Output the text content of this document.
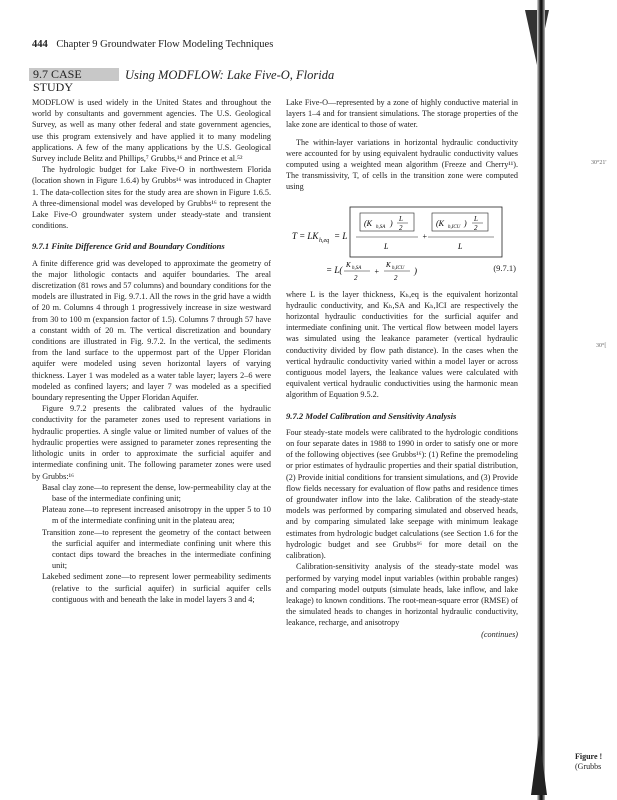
444 Chapter 9 Groundwater Flow Modeling Techniques
9.7 CASE STUDY
Using MODFLOW: Lake Five-O, Florida

MODFLOW is used widely in the United States and throughout the world by consultants and government agencies. The U.S. Geological Survey, as well as many other federal and state government agencies, use this program extensively and have applied it to many modeling applications. A few of the many applications by the U.S. Geological Survey include Belitz and Phillips,⁷ Grubbs,¹⁶ and Prince et al.⁵²

The hydrologic budget for Lake Five-O in northwestern Florida (location shown in Figure 1.6.4) by Grubbs¹⁶ was introduced in Chapter 1. The data-collection sites for the study area are shown in Figure 1.6.5. A three-dimensional model was developed by Grubbs¹⁶ to represent the Lake Five-O groundwater system under steady-state and transient conditions.

9.7.1 Finite Difference Grid and Boundary Conditions

A finite difference grid was developed to approximate the geometry of the major lithologic contacts and aquifer boundaries. The areal discretization (81 rows and 57 columns) and boundary conditions for the models are illustrated in Fig. 9.7.1. All the rows in the grid have a width of 20 m. Columns 4 through 1 progressively increase in size westward from 30 to 100 m (expansion factor of 1.5). Columns 7 through 57 have a constant width of 20 m. The vertical discretization and boundary conditions are illustrated in Fig. 9.7.2. In the vertical, the sediments from the land surface to the uppermost part of the Upper Floridan aquifer were modeled using seven horizontal layers of varying thickness. Layer 1 was modeled as a water table layer; layers 2–6 were modeled as confined layers; and layer 7 was modeled as a specified boundary representing the Upper Floridan Aquifer.

Figure 9.7.2 presents the calibrated values of the hydraulic conductivity for the parameter zones used to represent variations in hydraulic properties. A single value or limited number of values of the hydraulic properties were assigned to parameter zones representing the lithologic units in order to approximate the surficial aquifer and intermediate confining unit. The following parameter zones were used by Grubbs:¹⁶

Basal clay zone—to represent the dense, low-permeability clay at the base of the intermediate confining unit;

Plateau zone—to represent increased anisotropy in the upper 5 to 10 m of the intermediate confining unit in the plateau area;

Transition zone—to represent the geometry of the contact between the surficial aquifer and intermediate confining unit where this contact dips toward the breaches in the intermediate confining unit;

Lakebed sediment zone—to represent lower permeability sediments (relative to the surficial aquifer) in surficial aquifer cells contiguous with and beneath the lake in model layers 3 and 4;

Lake Five-O—represented by a zone of highly conductive material in layers 1–4 and for transient simulations. The storage properties of the lake zone are identical to those of water.

The within-layer variations in horizontal hydraulic conductivity were accounted for by using equivalent hydraulic conductivity values computed using a weighted mean algorithm (Freeze and Cherry¹¹). The transmissivity, T, of cells in the transition zone were computed using

T = LK h,eq = L
(K h,SA ) L
2
L
+
(K h,ICU ) L
2
L
= L( K h,SA
2
+
K h,ICU
2
)	(9.7.1)

where L is the layer thickness, Kₕ,eq is the equivalent horizontal hydraulic conductivity, and Kₕ,SA and Kₕ,ICI are respectively the horizontal hydraulic conductivities for the surficial aquifer and intermediate confining unit. The vertical flow between model layers was simulated using the leakance parameter (vertical hydraulic conductivity divided by flow path distance). In the cases when the vertical hydraulic conductivity varied within a model layer or across contiguous model layers, the leakance values were calculated with equivalent vertical hydraulic conductivities using the harmonic mean algorithm of Equation 9.5.2.

9.7.2 Model Calibration and Sensitivity Analysis

Four steady-state models were calibrated to the hydrologic conditions on four separate dates in 1988 to 1990 in order to satisfy one or more of the following objectives (see Grubbs¹⁶): (1) Refine the premodeling or prior estimates of hydraulic properties and their spatial distribution, (2) Provide initial conditions for transient simulations, and (3) Provide flow fields necessary for evaluation of flow paths and residence times of groundwater inflow into the lake. Calibration of the steady-state models was performed by comparing simulated and observed heads, and by comparing simulated lake seepage with minimum leakage estimates from hydrologic budget calculations (see Section 1.6 for the hydrologic budget and see Grubbs¹⁶ for more detail on the calibration).

Calibration-sensitivity analysis of the steady-state model was performed by varying model input variables (within probable ranges) and comparing model outputs (simulate heads, lake inflow, and lake leakage) to known conditions. The root-mean-square error (RMSE) of the simulated heads to changes in horizontal hydraulic conductivity, leakance, recharge, and anisotropy

(continues)

30°21'
30°[
Figure !
(Grubbs
